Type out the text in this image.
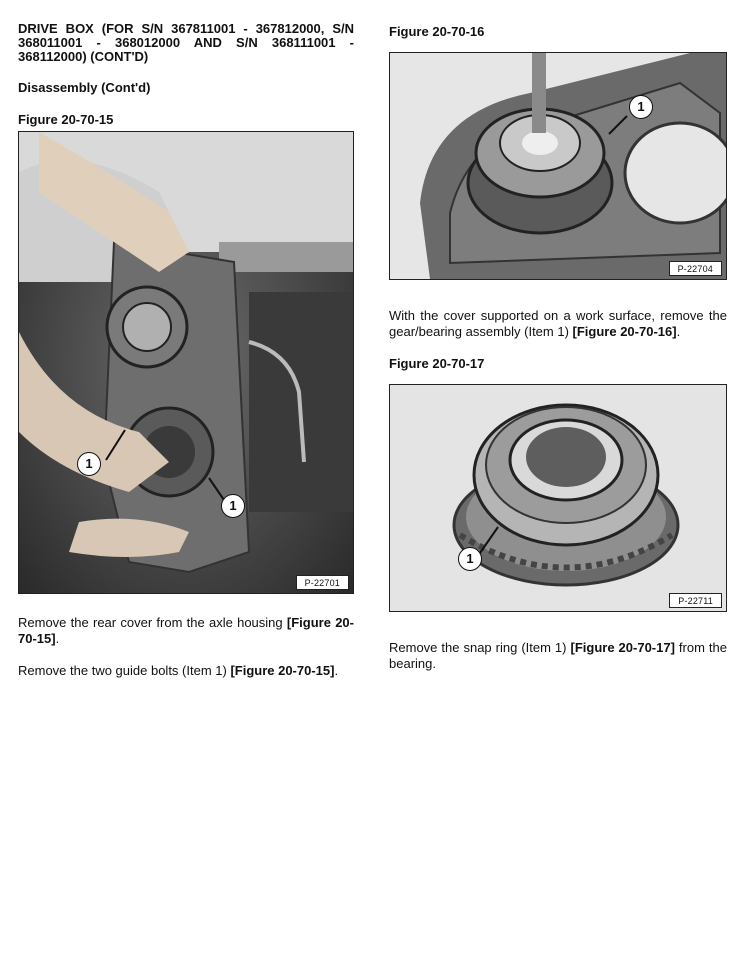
DRIVE BOX (FOR S/N 367811001 - 367812000, S/N 368011001 - 368012000 AND S/N 368111001 - 368112000) (CONT'D)
Disassembly (Cont'd)
Figure 20-70-15
1
1
P-22701
Remove the rear cover from the axle housing [Figure 20-70-15].
Remove the two guide bolts (Item 1) [Figure 20-70-15].
Figure 20-70-16
1
P-22704
With the cover supported on a work surface, remove the gear/bearing assembly (Item 1) [Figure 20-70-16].
Figure 20-70-17
1
P-22711
Remove the snap ring (Item 1) [Figure 20-70-17] from the bearing.
